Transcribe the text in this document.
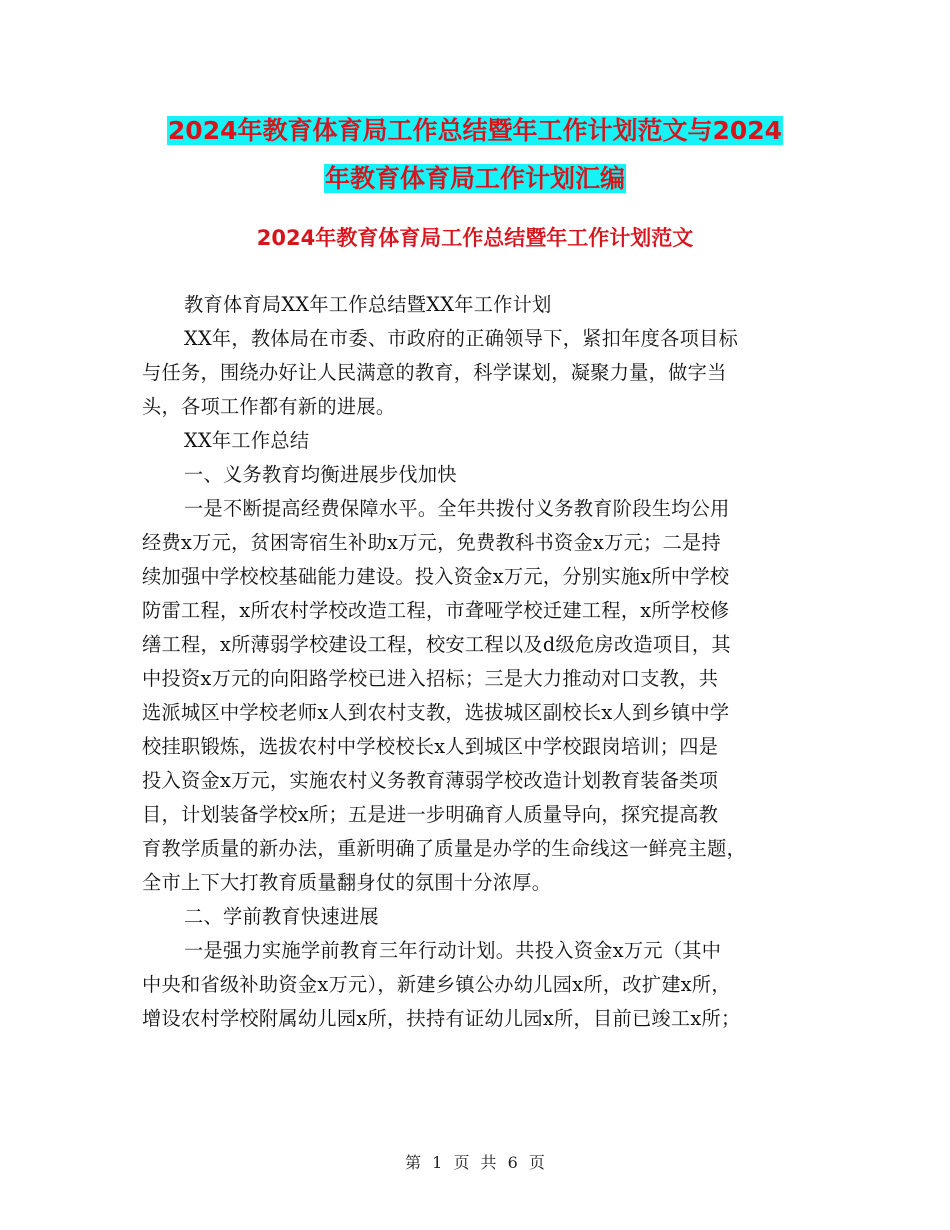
2024年教育体育局工作总结暨年工作计划范文与2024
年教育体育局工作计划汇编
2024年教育体育局工作总结暨年工作计划范文
教育体育局XX年工作总结暨XX年工作计划
XX年，教体局在市委、市政府的正确领导下，紧扣年度各项目标
与任务，围绕办好让人民满意的教育，科学谋划，凝聚力量，做字当
头，各项工作都有新的进展。
XX年工作总结
一、义务教育均衡进展步伐加快
一是不断提高经费保障水平。全年共拨付义务教育阶段生均公用
经费x万元，贫困寄宿生补助x万元，免费教科书资金x万元；二是持
续加强中学校校基础能力建设。投入资金x万元，分别实施x所中学校
防雷工程，x所农村学校改造工程，市聋哑学校迁建工程，x所学校修
缮工程，x所薄弱学校建设工程，校安工程以及d级危房改造项目，其
中投资x万元的向阳路学校已进入招标；三是大力推动对口支教，共
选派城区中学校老师x人到农村支教，选拔城区副校长x人到乡镇中学
校挂职锻炼，选拔农村中学校校长x人到城区中学校跟岗培训；四是
投入资金x万元，实施农村义务教育薄弱学校改造计划教育装备类项
目，计划装备学校x所；五是进一步明确育人质量导向，探究提高教
育教学质量的新办法，重新明确了质量是办学的生命线这一鲜亮主题，
全市上下大打教育质量翻身仗的氛围十分浓厚。
二、学前教育快速进展
一是强力实施学前教育三年行动计划。共投入资金x万元（其中
中央和省级补助资金x万元），新建乡镇公办幼儿园x所，改扩建x所，
增设农村学校附属幼儿园x所，扶持有证幼儿园x所，目前已竣工x所；
第 1 页 共 6 页
